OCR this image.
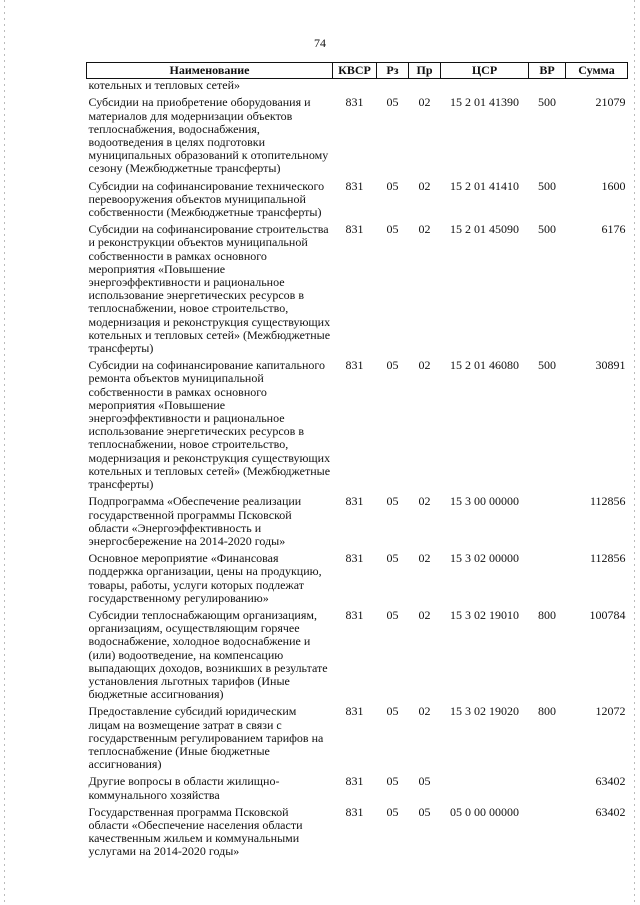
74
Наименование	КВСР	Рз	Пр	ЦСР	ВР	Сумма
котельных и тепловых сетей»						
Субсидии на приобретение оборудования и материалов для модернизации объектов теплоснабжения, водоснабжения, водоотведения в целях подготовки муниципальных образований к отопительному сезону (Межбюджетные трансферты)	831	05	02	15 2 01 41390	500	21079
Субсидии на софинансирование технического перевооружения объектов муниципальной собственности (Межбюджетные трансферты)	831	05	02	15 2 01 41410	500	1600
Субсидии на софинансирование строительства и реконструкции объектов муниципальной собственности в рамках основного мероприятия «Повышение энергоэффективности и рациональное использование энергетических ресурсов в теплоснабжении, новое строительство, модернизация и реконструкция существующих котельных и тепловых сетей» (Межбюджетные трансферты)	831	05	02	15 2 01 45090	500	6176
Субсидии на софинансирование капитального ремонта объектов муниципальной собственности в рамках основного мероприятия «Повышение энергоэффективности и рациональное использование энергетических ресурсов в теплоснабжении, новое строительство, модернизация и реконструкция существующих котельных и тепловых сетей» (Межбюджетные трансферты)	831	05	02	15 2 01 46080	500	30891
Подпрограмма «Обеспечение реализации государственной программы Псковской области «Энергоэффективность и энергосбережение на 2014-2020 годы»	831	05	02	15 3 00 00000		112856
Основное мероприятие «Финансовая поддержка организации, цены на продукцию, товары, работы, услуги которых подлежат государственному регулированию»	831	05	02	15 3 02 00000		112856
Субсидии теплоснабжающим организациям, организациям, осуществляющим горячее водоснабжение, холодное водоснабжение и (или) водоотведение, на компенсацию выпадающих доходов, возникших в результате установления льготных тарифов (Иные бюджетные ассигнования)	831	05	02	15 3 02 19010	800	100784
Предоставление субсидий юридическим лицам на возмещение затрат в связи с государственным регулированием тарифов на теплоснабжение (Иные бюджетные ассигнования)	831	05	02	15 3 02 19020	800	12072
Другие вопросы в области жилищно-коммунального хозяйства	831	05	05			63402
Государственная программа Псковской области «Обеспечение населения области качественным жильем и коммунальными услугами на 2014-2020 годы»	831	05	05	05 0 00 00000		63402
